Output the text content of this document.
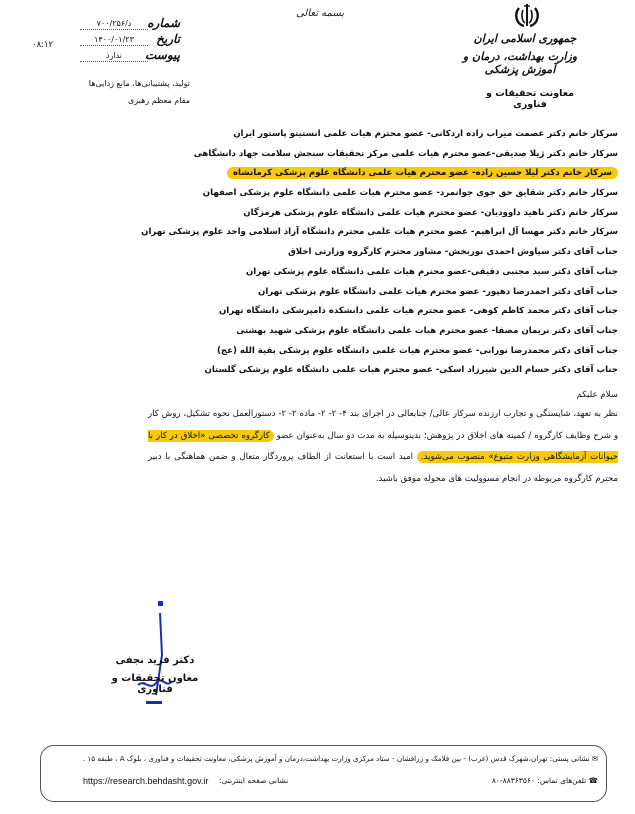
بسمه تعالی
جمهوری اسلامی ایران
وزارت بهداشت، درمان و آموزش پزشکی
معاونت تحقیقات و فناوری
۰۸:۱۲
شماره
د/۷۰۰/۲۵۶
تاریخ
۱۴۰۰/۰۱/۲۳
پیوست
ندارد
تولید، پشتیبانی‌ها، مانع زدایی‌ها
مقام معظم رهبری
سرکار خانم دکتر عصمت میراب زاده اردکانی- عضو محترم هیات علمی انستیتو پاستور ایران
سرکار خانم دکتر ژیلا صدیقی-عضو محترم هیات علمی مرکز تحقیقات سنجش سلامت جهاد دانشگاهی
سرکار خانم دکتر لیلا حسین زاده- عضو محترم هیات علمی دانشگاه علوم پزشکی کرمانشاه
سرکار خانم دکتر شقایق حق جوی جوانمرد- عضو محترم هیات علمی دانشگاه علوم پزشکی اصفهان
سرکار خانم دکتر ناهید داوودیان- عضو محترم هیات علمی دانشگاه علوم پزشکی هرمزگان
سرکار خانم دکتر مهسا آل ابراهیم- عضو محترم هیات علمی محترم دانشگاه آزاد اسلامی واحد علوم پزشکی تهران
جناب آقای دکتر سیاوش احمدی نوربخش- مشاور محترم کارگروه وزارتی اخلاق
جناب آقای دکتر سید مجتبی دقیقی-عضو محترم هیات علمی دانشگاه علوم پزشکی تهران
جناب آقای دکتر احمدرضا دهپور- عضو محترم هیات علمی دانشگاه علوم پزشکی تهران
جناب آقای دکتر محمد کاظم کوهی- عضو محترم هیات علمی دانشکده دامپزشکی دانشگاه تهران
جناب آقای دکتر نریمان مصفا- عضو محترم هیات علمی دانشگاه علوم پزشکی شهید بهشتی
جناب آقای دکتر محمدرضا نورانی- عضو محترم هیات علمی دانشگاه علوم پزشکی بقیة الله (عج)
جناب آقای دکتر حسام الدین شیرزاد اسکی- عضو محترم هیات علمی دانشگاه علوم پزشکی گلستان
سلام علیکم
نظر به تعهد، شایستگی و تجارب ارزنده سرکار عالی/ جنابعالی در اجرای بند ۴- ۲- ۲- ماده ۲- ۲- دستورالعمل نحوه تشکیل، روش کار و شرح وظایف کارگروه / کمیته های اخلاق در پژوهش؛ بدینوسیله به مدت دو سال به‌عنوان عضو کارگروه تخصصی «اخلاق در کار با حیوانات آزمایشگاهی وزارت متبوع» منصوب می‌شوید. امید است با استعانت از الطاف پروردگار متعال و ضمن هماهنگی با دبیر محترم کارگروه مربوطه در انجام مسوولیت های محوله موفق باشید.
دکتر فرید نجفی
معاون تحقیقات و فناوری
✉ نشانی پستی: تهران،شهرک قدس (غرب) - بین فلامک و زرافشان - ستاد مرکزی وزارت بهداشت،درمان و آموزش پزشکی، معاونت تحقیقات و فناوری ، بلوک A ، طبقه ۱۵ .
☎ تلفن‌های تماس: ۸۸۳۶۳۵۶۰-۸۰
نشانی صفحه اینترنتی:
https://research.behdasht.gov.ir
